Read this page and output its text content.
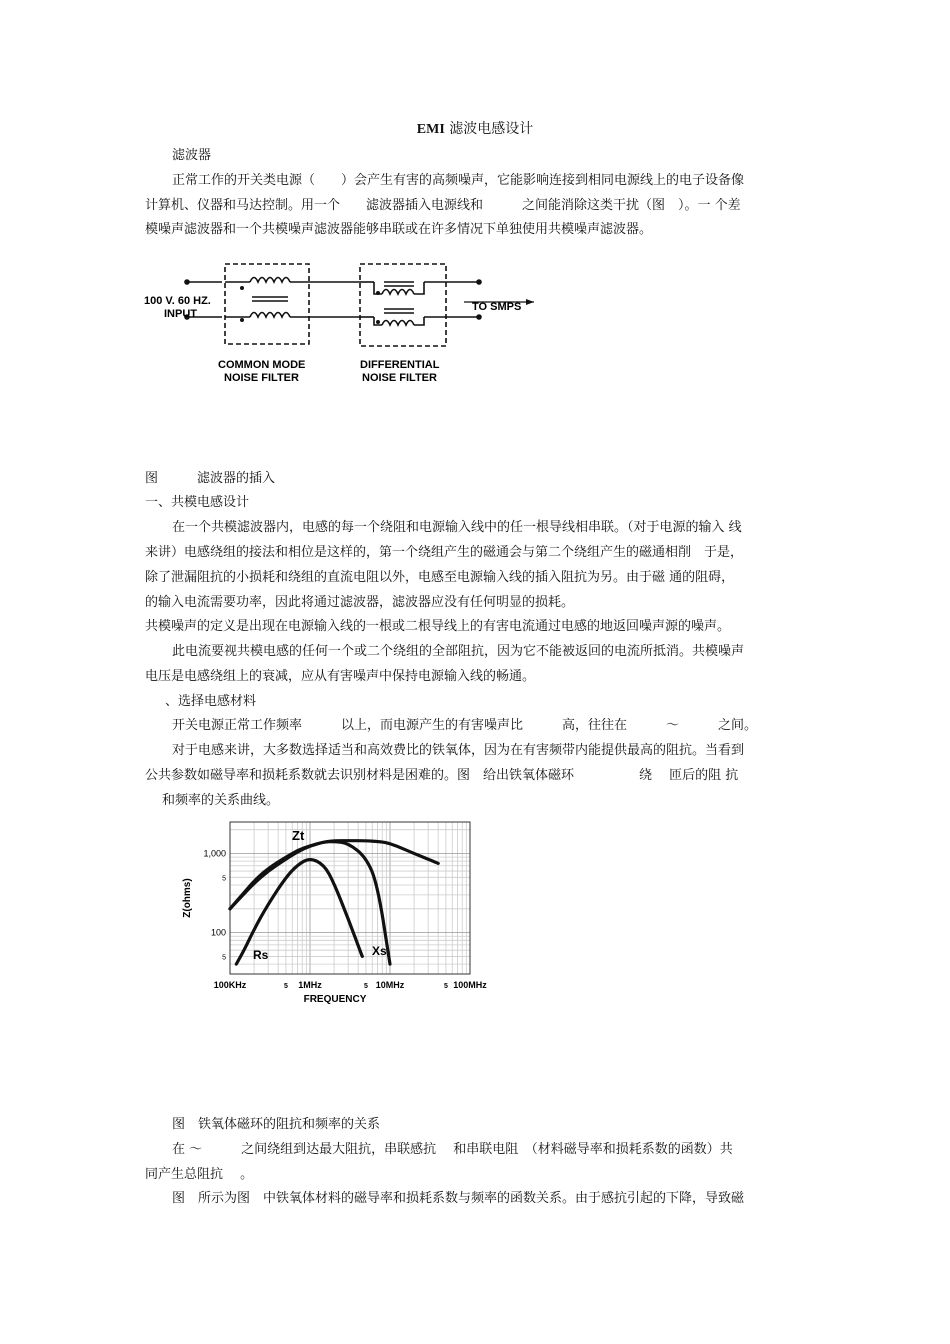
EMI 滤波电感设计
滤波器
正常工作的开关类电源（　　）会产生有害的高频噪声，它能影响连接到相同电源线上的电子设备像
计算机、仪器和马达控制。用一个　　滤波器插入电源线和　　　之间能消除这类干扰（图　）。一 个差
模噪声滤波器和一个共模噪声滤波器能够串联或在许多情况下单独使用共模噪声滤波器。
100 V. 60 HZ.
INPUT
TO SMPS
COMMON MODE
NOISE FILTER
DIFFERENTIAL
NOISE FILTER
图　　　滤波器的插入
一、共模电感设计
在一个共模滤波器内，电感的每一个绕阻和电源输入线中的任一根导线相串联。（对于电源的输入 线
来讲）电感绕组的接法和相位是这样的，第一个绕组产生的磁通会与第二个绕组产生的磁通相削　于是，
除了泄漏阻抗的小损耗和绕组的直流电阻以外，电感至电源输入线的插入阻抗为另。由于磁 通的阻碍，
的输入电流需要功率，因此将通过滤波器，滤波器应没有任何明显的损耗。
共模噪声的定义是出现在电源输入线的一根或二根导线上的有害电流通过电感的地返回噪声源的噪声。
此电流要视共模电感的任何一个或二个绕组的全部阻抗，因为它不能被返回的电流所抵消。共模噪声
电压是电感绕组上的衰减，应从有害噪声中保持电源输入线的畅通。
、选择电感材料
开关电源正常工作频率　　　以上，而电源产生的有害噪声比　　　高，往往在　　　～　　　之间。
对于电感来讲，大多数选择适当和高效费比的铁氧体，因为在有害频带内能提供最高的阻抗。当看到
公共参数如磁导率和损耗系数就去识别材料是困难的。图　给出铁氧体磁环　　　　　绕　 匝后的阻 抗
和频率的关系曲线。
100KHz	5 1MHz	5 10MHz	5 100MHz
1,000
5
100
5
Zt
Rs	Xs
FREQUENCY
Z(ohms)
图　铁氧体磁环的阻抗和频率的关系
在 ～　　　之间绕组到达最大阻抗，串联感抗　 和串联电阻　（材料磁导率和损耗系数的函数）共
同产生总阻抗　 。
图　所示为图　中铁氧体材料的磁导率和损耗系数与频率的函数关系。由于感抗引起的下降，导致磁
